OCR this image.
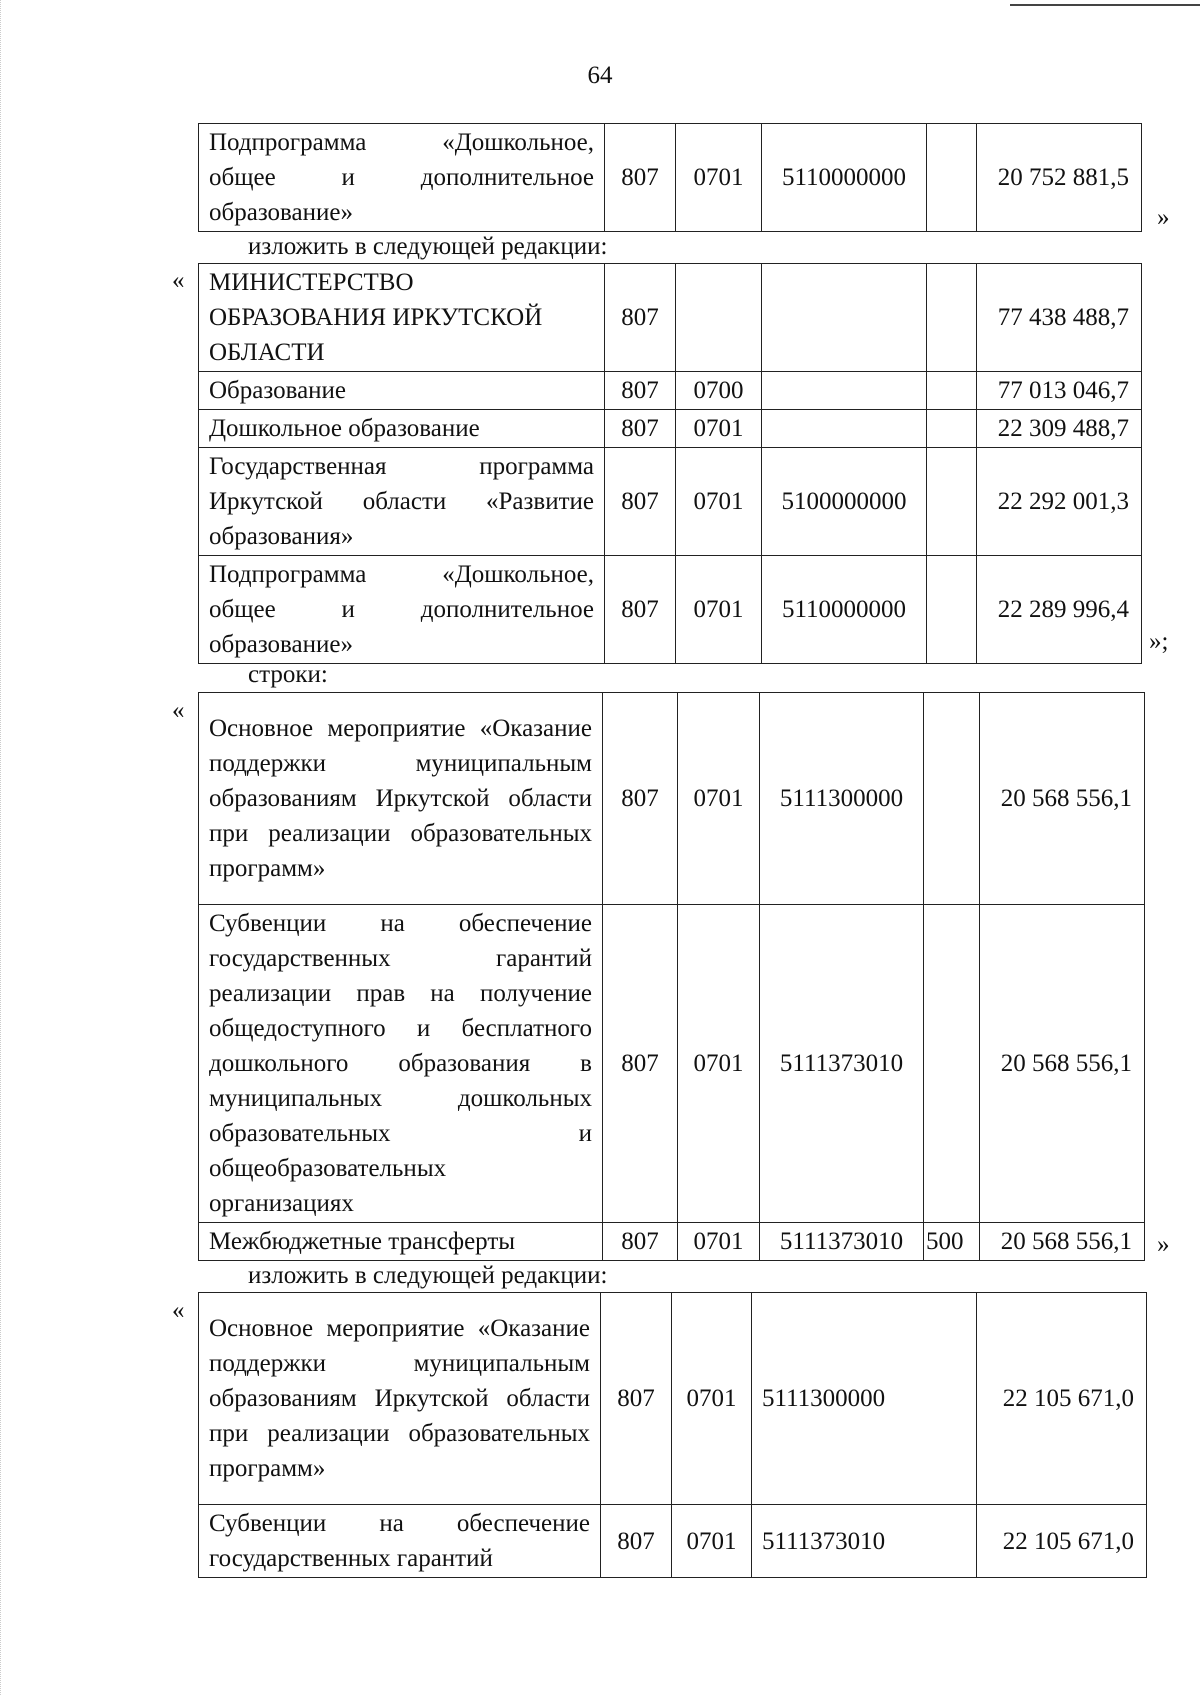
64
Подпрограмма «Дошкольное, общее и дополнительное образование»	807	0701	5110000000		20 752 881,5
»
изложить в следующей редакции:
« МИНИСТЕРСТВО ОБРАЗОВАНИЯ ИРКУТСКОЙ ОБЛАСТИ	807				77 438 488,7
Образование	807	0700			77 013 046,7
Дошкольное образование	807	0701			22 309 488,7
Государственная программа Иркутской области «Развитие образования»	807	0701	5100000000		22 292 001,3
Подпрограмма «Дошкольное, общее и дополнительное образование»	807	0701	5110000000		22 289 996,4
»;
строки:
«
Основное мероприятие «Оказание поддержки муниципальным образованиям Иркутской области при реализации образовательных программ»	807	0701	5111300000		20 568 556,1
Субвенции на обеспечение государственных гарантий реализации прав на получение общедоступного и бесплатного дошкольного образования в муниципальных дошкольных образовательных и общеобразовательных организациях	807	0701	5111373010		20 568 556,1
Межбюджетные трансферты	807	0701	5111373010	500	20 568 556,1 »
изложить в следующей редакции:
«
Основное мероприятие «Оказание поддержки муниципальным образованиям Иркутской области при реализации образовательных программ»	807	0701	5111300000		22 105 671,0
Субвенции на обеспечение государственных гарантий	807	0701	5111373010		22 105 671,0
